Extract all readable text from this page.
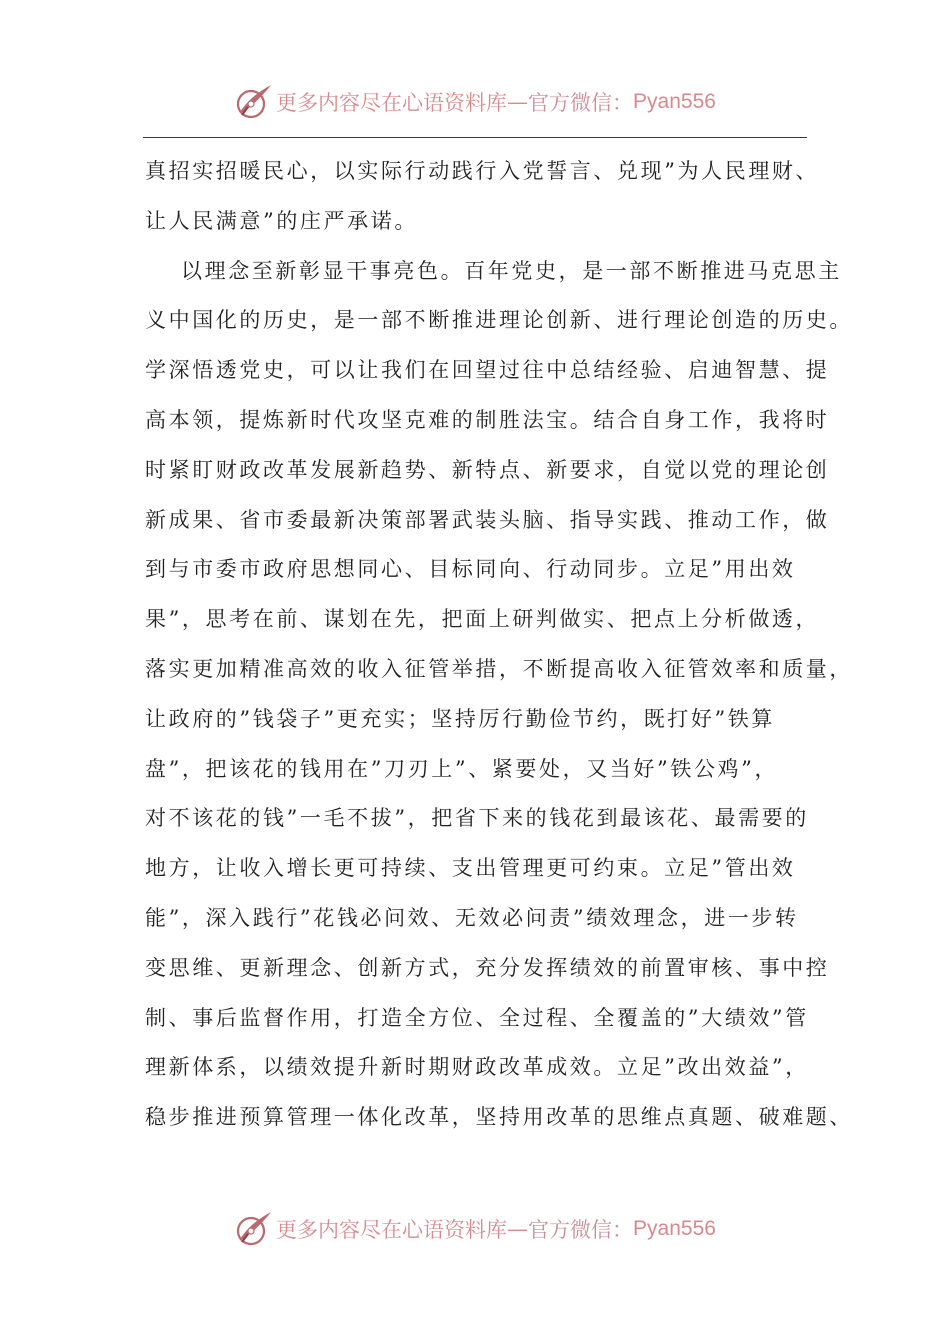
更多内容尽在心语资料库 — 官方微信： Pyan556
真招实招暖民心，以实际行动践行入党誓言、兑现”为人民理财、
让人民满意”的庄严承诺。
以理念至新彰显干事亮色。百年党史，是一部不断推进马克思主
义中国化的历史，是一部不断推进理论创新、进行理论创造的历史。
学深悟透党史，可以让我们在回望过往中总结经验、启迪智慧、提
高本领，提炼新时代攻坚克难的制胜法宝。结合自身工作，我将时
时紧盯财政改革发展新趋势、新特点、新要求，自觉以党的理论创
新成果、省市委最新决策部署武装头脑、指导实践、推动工作，做
到与市委市政府思想同心、目标同向、行动同步。立足”用出效
果”，思考在前、谋划在先，把面上研判做实、把点上分析做透，
落实更加精准高效的收入征管举措，不断提高收入征管效率和质量，
让政府的”钱袋子”更充实；坚持厉行勤俭节约，既打好”铁算
盘”，把该花的钱用在”刀刃上”、紧要处，又当好”铁公鸡”，
对不该花的钱”一毛不拔”，把省下来的钱花到最该花、最需要的
地方，让收入增长更可持续、支出管理更可约束。立足”管出效
能”，深入践行”花钱必问效、无效必问责”绩效理念，进一步转
变思维、更新理念、创新方式，充分发挥绩效的前置审核、事中控
制、事后监督作用，打造全方位、全过程、全覆盖的”大绩效”管
理新体系，以绩效提升新时期财政改革成效。立足”改出效益”，
稳步推进预算管理一体化改革，坚持用改革的思维点真题、破难题、
更多内容尽在心语资料库 — 官方微信： Pyan556
